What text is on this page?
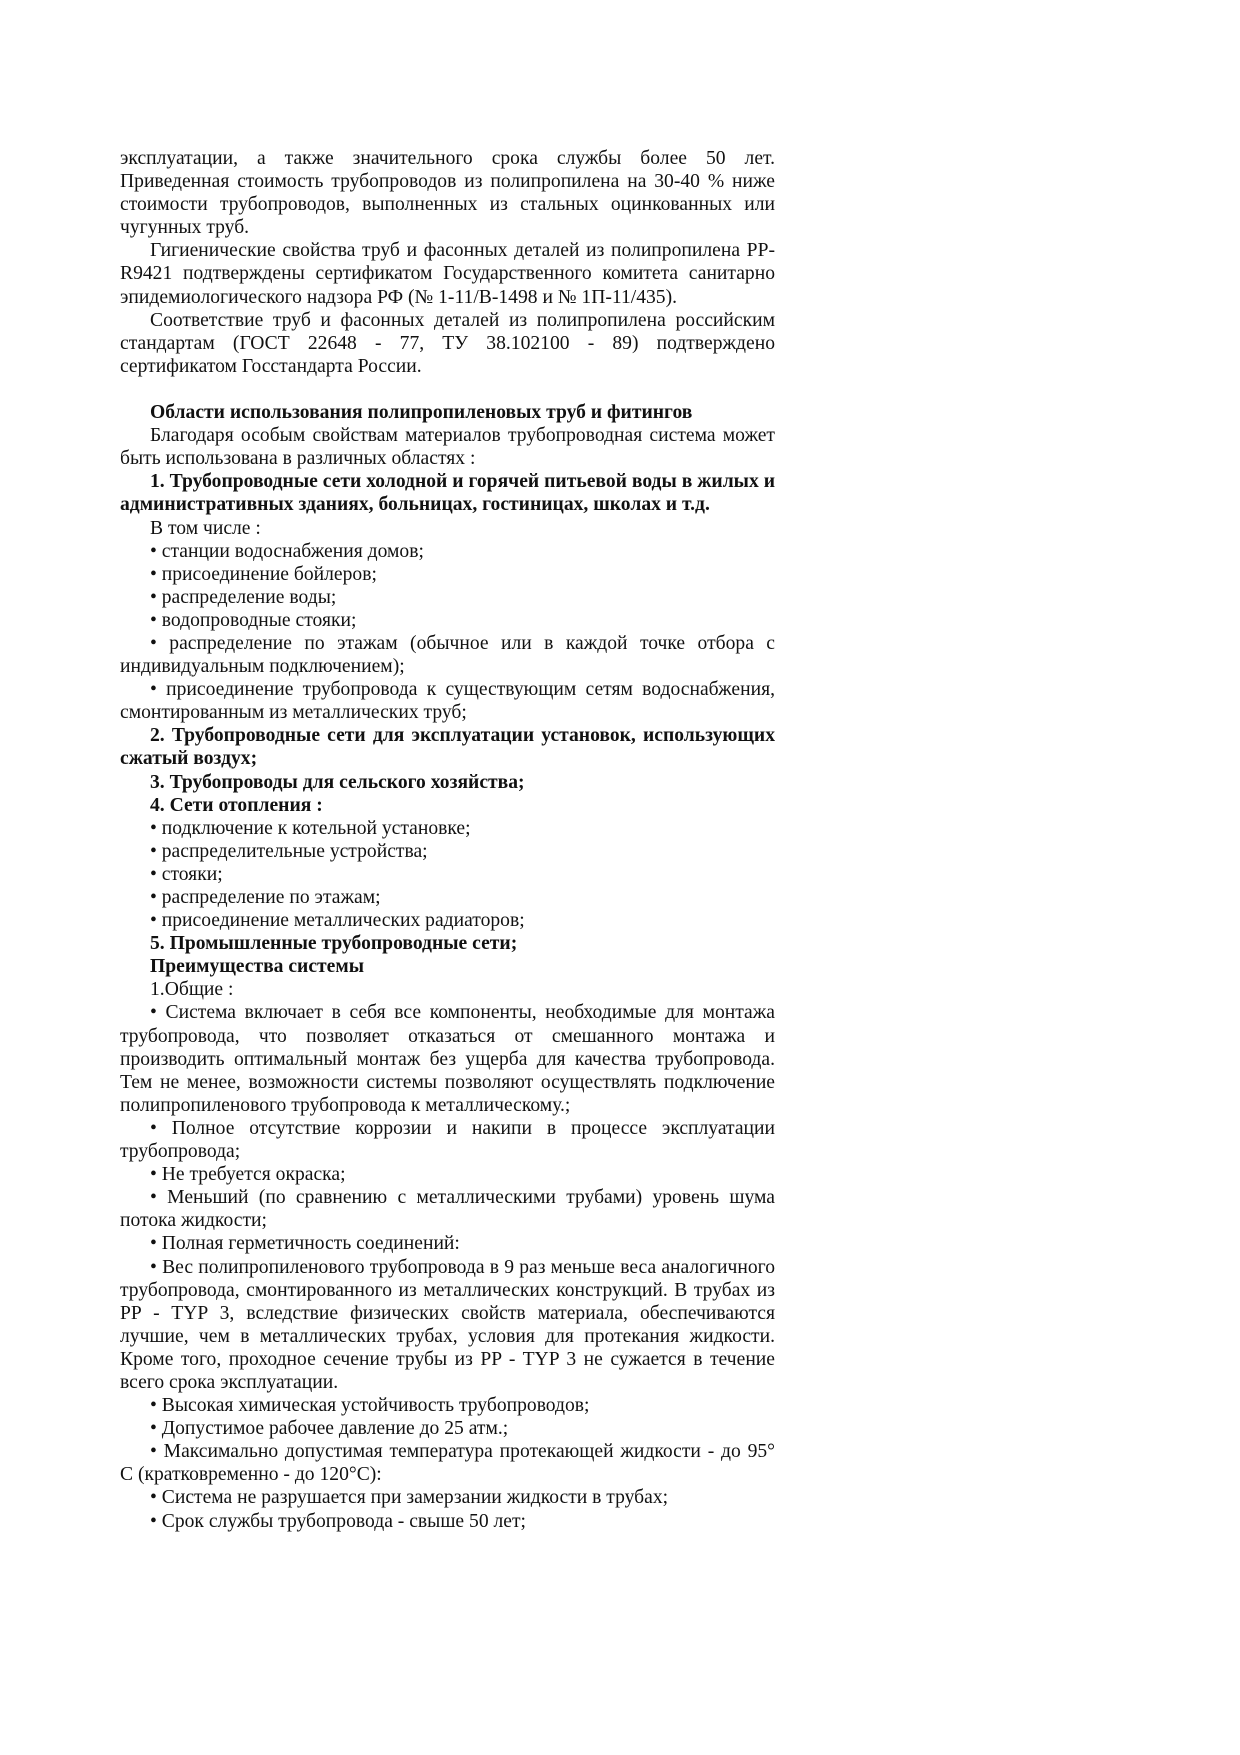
эксплуатации, а также значительного срока службы более 50 лет. Приведенная стоимость трубопроводов из полипропилена на 30-40 % ниже стоимости трубопроводов, выполненных из стальных оцинкованных или чугунных труб.

Гигиенические свойства труб и фасонных деталей из полипропилена PP-R9421 подтверждены сертификатом Государственного комитета санитарно эпидемиологического надзора РФ (№ 1-11/В-1498 и № 1П-11/435).

Соответствие труб и фасонных деталей из полипропилена российским стандартам (ГОСТ 22648 - 77, ТУ 38.102100 - 89) подтверждено сертификатом Госстандарта России.

Области использования полипропиленовых труб и фитингов

Благодаря особым свойствам материалов трубопроводная система может быть использована в различных областях :

1. Трубопроводные сети холодной и горячей питьевой воды в жилых и административных зданиях, больницах, гостиницах, школах и т.д.

В том числе :

• станции водоснабжения домов;

• присоединение бойлеров;

• распределение воды;

• водопроводные стояки;

• распределение по этажам (обычное или в каждой точке отбора с индивидуальным подключением);

• присоединение трубопровода к существующим сетям водоснабжения, смонтированным из металлических труб;

2. Трубопроводные сети для эксплуатации установок, использующих сжатый воздух;

3. Трубопроводы для сельского хозяйства;

4. Сети отопления :

• подключение к котельной установке;

• распределительные устройства;

• стояки;

• распределение по этажам;

• присоединение металлических радиаторов;

5. Промышленные трубопроводные сети;

Преимущества системы

1.Общие :

• Система включает в себя все компоненты, необходимые для монтажа трубопровода, что позволяет отказаться от смешанного монтажа и производить оптимальный монтаж без ущерба для качества трубопровода. Тем не менее, возможности системы позволяют осуществлять подключение полипропиленового трубопровода к металлическому.;

• Полное отсутствие коррозии и накипи в процессе эксплуатации трубопровода;

• Не требуется окраска;

• Меньший (по сравнению с металлическими трубами) уровень шума потока жидкости;

• Полная герметичность соединений:

• Вес полипропиленового трубопровода в 9 раз меньше веса аналогичного трубопровода, смонтированного из металлических конструкций. В трубах из PP - TYP 3, вследствие физических свойств материала, обеспечиваются лучшие, чем в металлических трубах, условия для протекания жидкости. Кроме того, проходное сечение трубы из PP - TYP 3 не сужается в течение всего срока эксплуатации.

• Высокая химическая устойчивость трубопроводов;

• Допустимое рабочее давление до 25 атм.;

• Максимально допустимая температура протекающей жидкости - до 95° С (кратковременно - до 120°С):

• Система не разрушается при замерзании жидкости в трубах;

• Срок службы трубопровода - свыше 50 лет;
